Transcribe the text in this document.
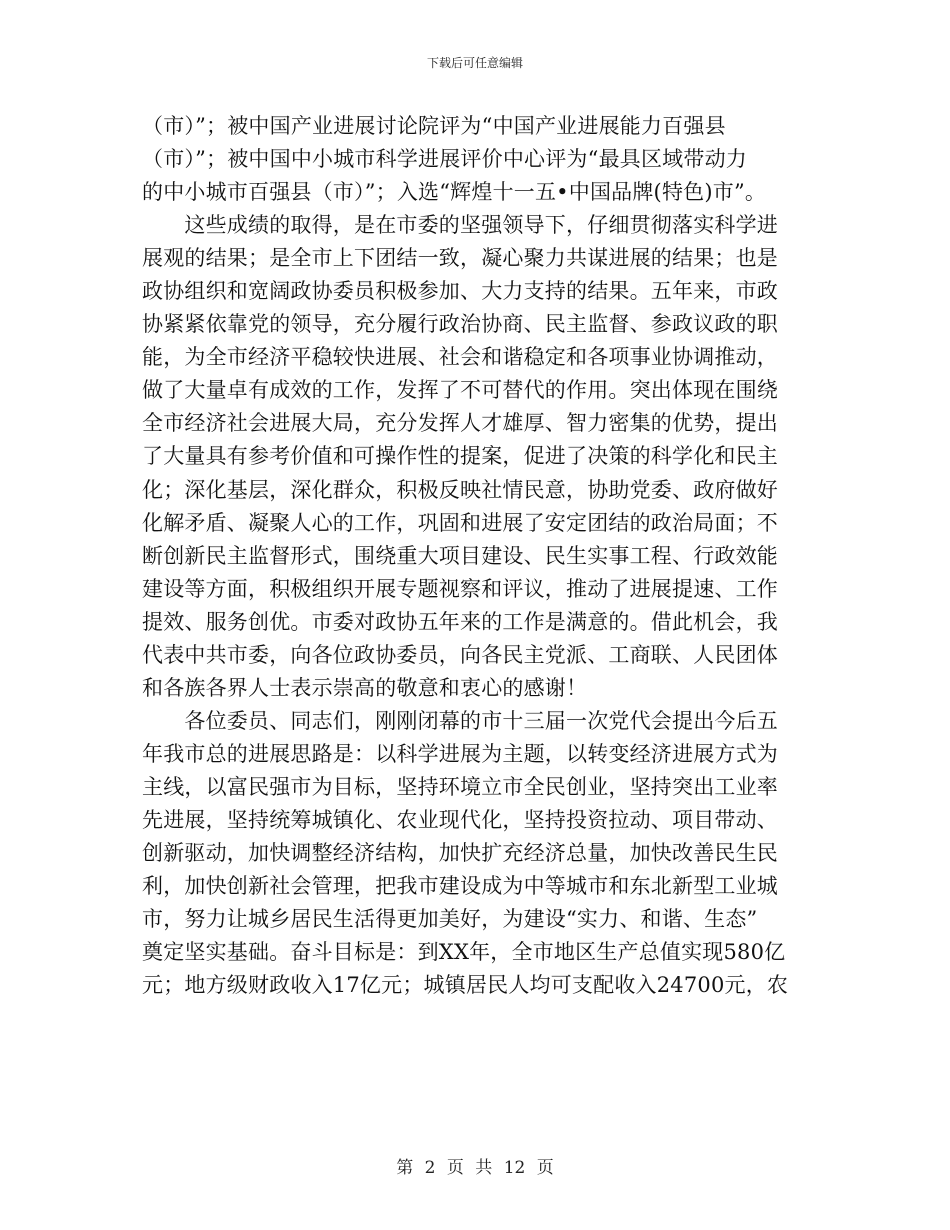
下载后可任意编辑
（市）”；被中国产业进展讨论院评为“中国产业进展能力百强县
（市）”；被中国中小城市科学进展评价中心评为“最具区域带动力
的中小城市百强县（市）”；入选“辉煌十一五•中国品牌(特色)市”。
　　这些成绩的取得，是在市委的坚强领导下，仔细贯彻落实科学进
展观的结果；是全市上下团结一致，凝心聚力共谋进展的结果；也是
政协组织和宽阔政协委员积极参加、大力支持的结果。五年来，市政
协紧紧依靠党的领导，充分履行政治协商、民主监督、参政议政的职
能，为全市经济平稳较快进展、社会和谐稳定和各项事业协调推动，
做了大量卓有成效的工作，发挥了不可替代的作用。突出体现在围绕
全市经济社会进展大局，充分发挥人才雄厚、智力密集的优势，提出
了大量具有参考价值和可操作性的提案，促进了决策的科学化和民主
化；深化基层，深化群众，积极反映社情民意，协助党委、政府做好
化解矛盾、凝聚人心的工作，巩固和进展了安定团结的政治局面；不
断创新民主监督形式，围绕重大项目建设、民生实事工程、行政效能
建设等方面，积极组织开展专题视察和评议，推动了进展提速、工作
提效、服务创优。市委对政协五年来的工作是满意的。借此机会，我
代表中共市委，向各位政协委员，向各民主党派、工商联、人民团体
和各族各界人士表示崇高的敬意和衷心的感谢！
　　各位委员、同志们，刚刚闭幕的市十三届一次党代会提出今后五
年我市总的进展思路是：以科学进展为主题，以转变经济进展方式为
主线，以富民强市为目标，坚持环境立市全民创业，坚持突出工业率
先进展，坚持统筹城镇化、农业现代化，坚持投资拉动、项目带动、
创新驱动，加快调整经济结构，加快扩充经济总量，加快改善民生民
利，加快创新社会管理，把我市建设成为中等城市和东北新型工业城
市，努力让城乡居民生活得更加美好，为建设“实力、和谐、生态”
奠定坚实基础。奋斗目标是：到XX年，全市地区生产总值实现580亿
元；地方级财政收入17亿元；城镇居民人均可支配收入24700元，农
第 2 页 共 12 页
